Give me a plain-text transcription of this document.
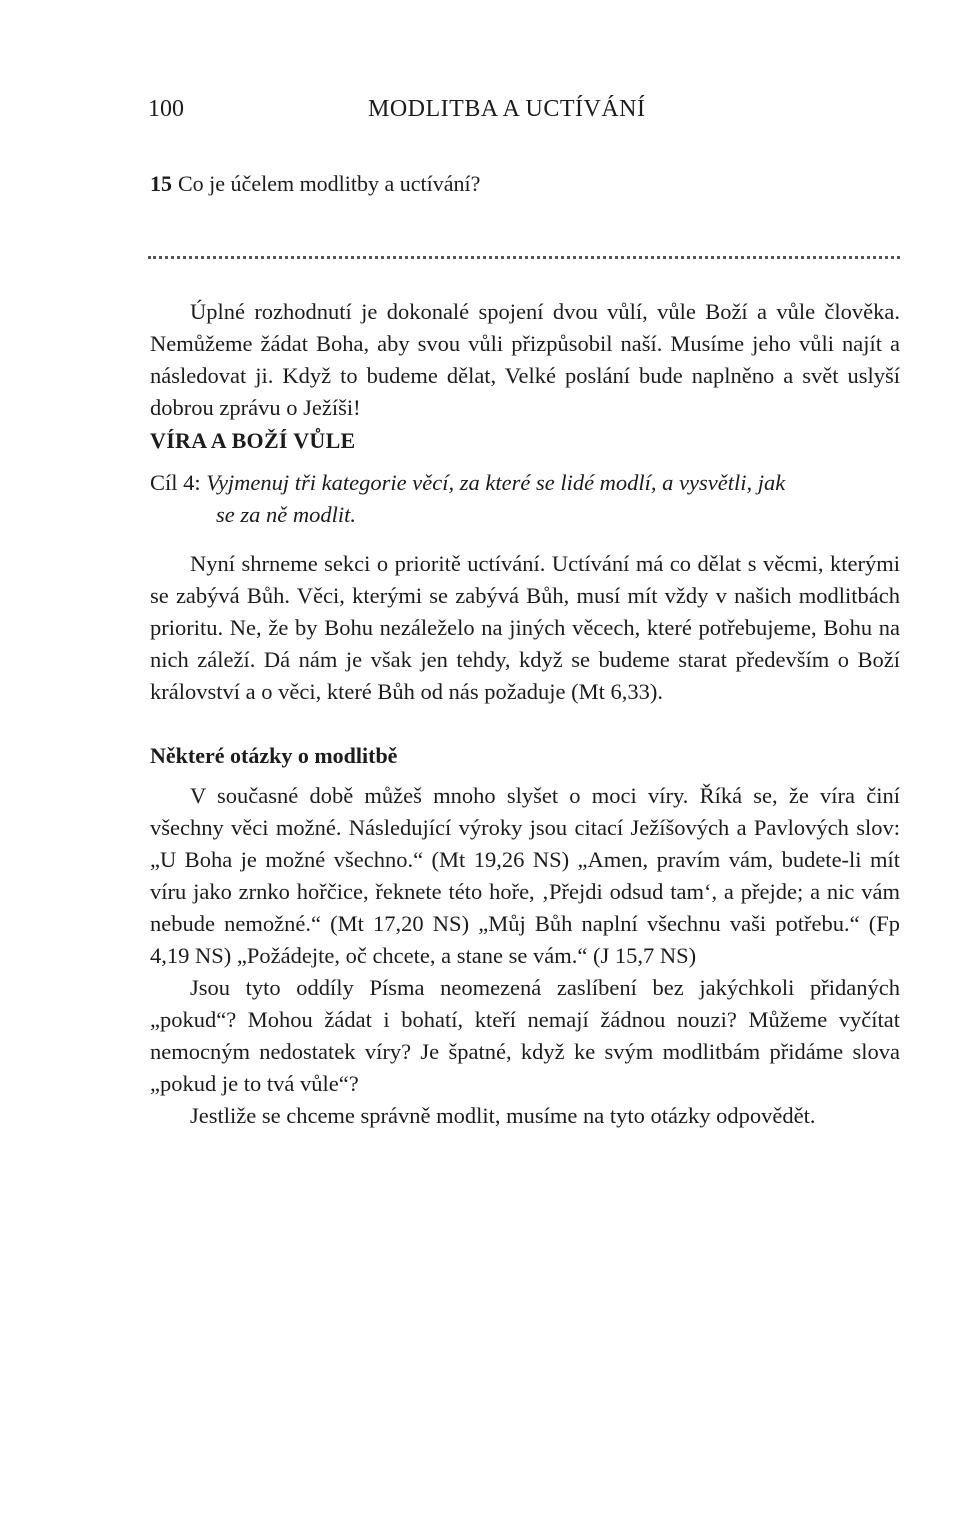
100	MODLITBA A UCTÍVÁNÍ
15 Co je účelem modlitby a uctívání?
Úplné rozhodnutí je dokonalé spojení dvou vůlí, vůle Boží a vůle člověka. Nemůžeme žádat Boha, aby svou vůli přizpůsobil naší. Musíme jeho vůli najít a následovat ji. Když to budeme dělat, Velké poslání bude naplněno a svět uslyší dobrou zprávu o Ježíši!
VÍRA A BOŽÍ VŮLE
Cíl 4: Vyjmenuj tři kategorie věcí, za které se lidé modlí, a vysvětli, jak
se za ně modlit.
Nyní shrneme sekci o prioritě uctívání. Uctívání má co dělat s věcmi, kterými se zabývá Bůh. Věci, kterými se zabývá Bůh, musí mít vždy v našich modlitbách prioritu. Ne, že by Bohu nezáleželo na jiných věcech, které potřebujeme, Bohu na nich záleží. Dá nám je však jen tehdy, když se budeme starat především o Boží království a o věci, které Bůh od nás požaduje (Mt 6,33).
Některé otázky o modlitbě

V současné době můžeš mnoho slyšet o moci víry. Říká se, že víra činí všechny věci možné. Následující výroky jsou citací Ježíšových a Pavlových slov: „U Boha je možné všechno.“ (Mt 19,26 NS) „Amen, pravím vám, budete-li mít víru jako zrnko hořčice, řeknete této hoře, ‚Přejdi odsud tam‘, a přejde; a nic vám nebude nemožné.“ (Mt 17,20 NS) „Můj Bůh naplní všechnu vaši potřebu.“ (Fp 4,19 NS) „Požádejte, oč chcete, a stane se vám.“ (J 15,7 NS)

Jsou tyto oddíly Písma neomezená zaslíbení bez jakýchkoli přidaných „pokud“? Mohou žádat i bohatí, kteří nemají žádnou nouzi? Můžeme vyčítat nemocným nedostatek víry? Je špatné, když ke svým modlitbám přidáme slova „pokud je to tvá vůle“?

Jestliže se chceme správně modlit, musíme na tyto otázky odpovědět.
